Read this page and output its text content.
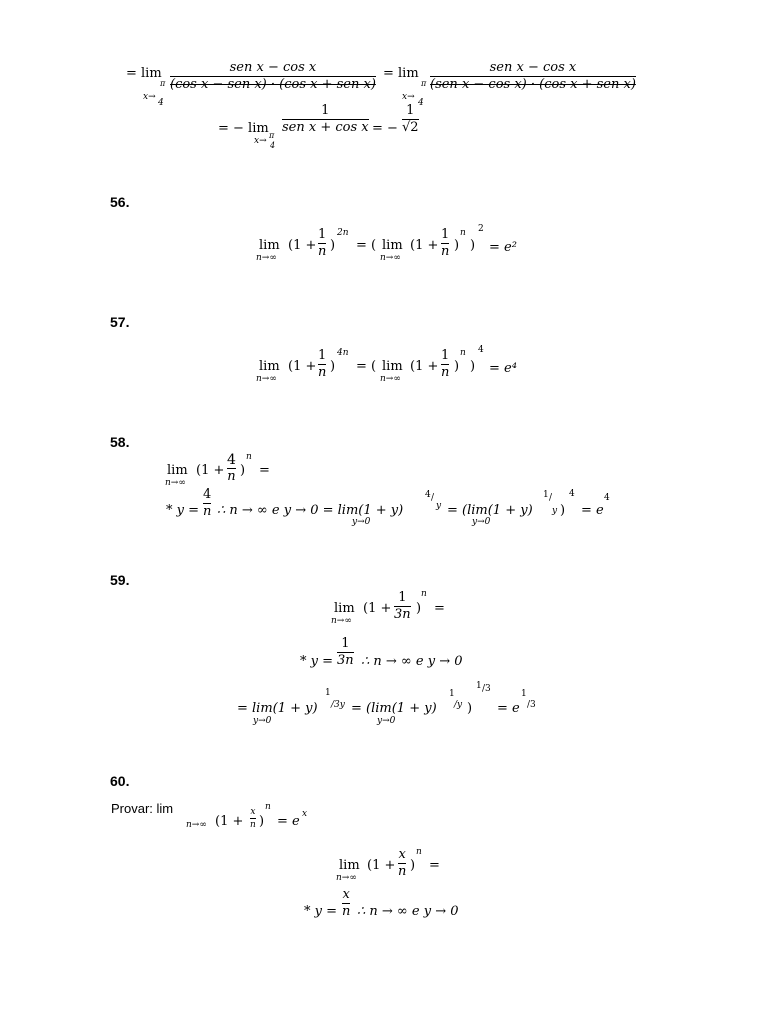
= lim
x→
4
π
sen x − cos x
(cos x − sen x) · (cos x + sen x)
= lim
x→
4
π
sen x − cos x
(sen x − cos x) · (cos x + sen x)
= − lim
x→
π
4
1
sen x + cos x = −
1
√2
56.
lim
n→∞
(1 +
1
n )
2n
= ( lim
n→∞
(1 +
1
n )
n
)
2
= e²
57.
lim
n→∞
(1 +
1
n )
4n
= ( lim
n→∞
(1 +
1
n )
n
)
4
= e⁴
58.
lim
n→∞
(1 +
4
n )
n
=
* y =
4
n ∴ n → ∞ e y → 0 = lim(1 + y)
y→0
4 /
y = (lim(1 + y)
y→0
1 /
y )
4
= e
4
59.
lim
n→∞
(1 +
1
3n )
n
=
* y =
1
3n ∴ n → ∞ e y → 0
= lim(1 + y)
y→0
1
/3y = (lim(1 + y)
y→0
1
/y )
1 /3
= e
1
/3
60.
Provar: lim
n→∞ (1 +
x
n )
n
= e x
lim
n→∞
(1 +
x
n )
n
=
* y =
x
n ∴ n → ∞ e y → 0
